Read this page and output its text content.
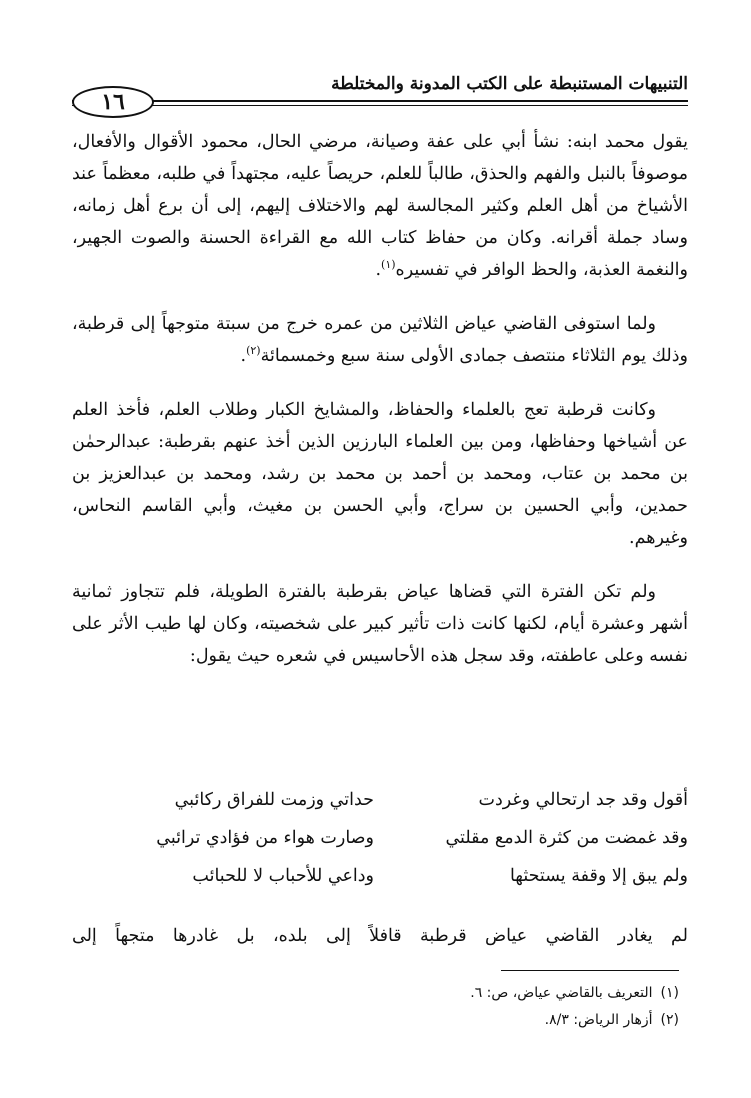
التنبيهات المستنبطة على الكتب المدونة والمختلطة
١٦

يقول محمد ابنه: نشأ أبي على عفة وصيانة، مرضي الحال، محمود الأقوال والأفعال، موصوفاً بالنبل والفهم والحذق، طالباً للعلم، حريصاً عليه، مجتهداً في طلبه، معظماً عند الأشياخ من أهل العلم وكثير المجالسة لهم والاختلاف إليهم، إلى أن برع أهل زمانه، وساد جملة أقرانه. وكان من حفاظ كتاب الله مع القراءة الحسنة والصوت الجهير، والنغمة العذبة، والحظ الوافر في تفسيره$^{(١)}$.

ولما استوفى القاضي عياض الثلاثين من عمره خرج من سبتة متوجهاً إلى قرطبة، وذلك يوم الثلاثاء منتصف جمادى الأولى سنة سبع وخمسمائة$^{(٢)}$.

وكانت قرطبة تعج بالعلماء والحفاظ، والمشايخ الكبار وطلاب العلم، فأخذ العلم عن أشياخها وحفاظها، ومن بين العلماء البارزين الذين أخذ عنهم بقرطبة: عبدالرحمٰن بن محمد بن عتاب، ومحمد بن أحمد بن محمد بن رشد، ومحمد بن عبدالعزيز بن حمدين، وأبي الحسين بن سراج، وأبي الحسن بن مغيث، وأبي القاسم النحاس، وغيرهم.

ولم تكن الفترة التي قضاها عياض بقرطبة بالفترة الطويلة، فلم تتجاوز ثمانية أشهر وعشرة أيام، لكنها كانت ذات تأثير كبير على شخصيته، وكان لها طيب الأثر على نفسه وعلى عاطفته، وقد سجل هذه الأحاسيس في شعره حيث يقول:

أقول وقد جد ارتحالي وغردت
حداتي وزمت للفراق ركائبي
وقد غمضت من كثرة الدمع مقلتي
وصارت هواء من فؤادي ترائبي
ولم يبق إلا وقفة يستحثها
وداعي للأحباب لا للحبائب
لم يغادر القاضي عياض قرطبة قافلاً إلى بلده، بل غادرها متجهاً إلى
(١)التعريف بالقاضي عياض، ص: ٦.
(٢)أزهار الرياض: ٨/٣.
